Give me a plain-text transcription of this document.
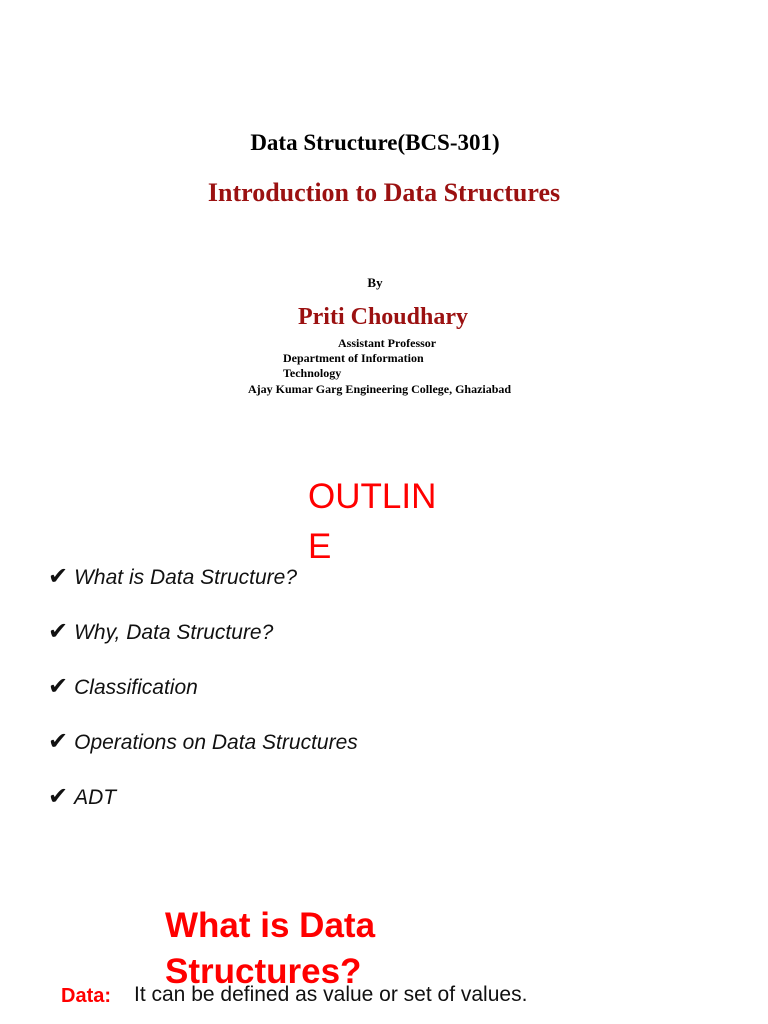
Data Structure(BCS-301)
Introduction to Data Structures
By
Priti Choudhary
Assistant Professor
Department of Information Technology
Ajay Kumar Garg Engineering College, Ghaziabad
OUTLINE
✔ What is Data Structure?
✔ Why, Data Structure?
✔ Classification
✔ Operations on Data Structures
✔ ADT
What is Data Structures?
Data: It can be defined as value or set of values.
